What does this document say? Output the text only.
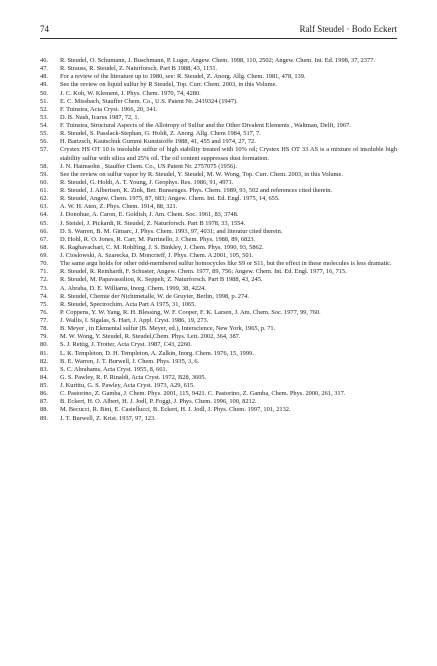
74	Ralf Steudel · Bodo Eckert
46.	R. Steudel, O. Schumann, J. Buschmann, P. Luger, Angew. Chem. 1998, 110, 2502; Angew. Chem. Int. Ed. 1998, 37, 2377.
47.	R. Strauss, R. Steudel, Z. Naturforsch. Part B 1988, 43, 1151.
48.	For a review of the literature up to 1980, see: R. Steudel, Z. Anorg. Allg. Chem. 1981, 478, 139.
49.	See the review on liquid sulfur by R Steudel, Top. Curr. Chem. 2003, in this Volume.
50.	J. C. Koh, W. Klement, J. Phys. Chem. 1970, 74, 4280.
51.	E. C. Missbach, Stauffer Chem. Co., U.S. Patent Nr. 2419324 (1947).
52.	F. Tuinstra, Acta Cryst. 1966, 20, 341.
53.	D. B. Nash, Icarus 1987, 72, 1.
54.	F. Tuinstra, Structural Aspects of the Allotropy of Sulfur and the Other Divalent Elements , Waltman, Delft, 1967.
55.	R. Steudel, S. Passlack-Stephan, G. Holdt, Z. Anorg. Allg. Chem 1984, 517, 7.
56.	H. Bartzsch, Kautschuk Gummi Kunststoffe 1988, 41, 455 and 1974, 27, 72.
57.	Crystex HS OT 10 is insoluble sulfur of high stability treated with 10% oil; Crystex HS OT 33 AS is a mixture of insoluble high stability sulfur with silica and 25% oil. The oil content suppresses dust formation.
58.	J. N. Haimsohn , Stauffer Chem. Co., US Patent Nr. 2757075 (1956).
59.	See the review on sulfur vapor by R. Steudel, Y. Steudel, M. W. Wong, Top. Curr. Chem. 2003, in this Volume.
60.	R. Steudel, G. Holdt, A. T. Young, J. Geophys. Res. 1986, 91, 4971.
61.	R. Steudel, J. Albertsen, K. Zink, Ber. Bunsenges. Phys. Chem. 1989, 93, 502 and references cited therein.
62.	R. Steudel, Angew. Chem. 1975, 87, 683; Angew. Chem. Int. Ed. Engl. 1975, 14, 655.
63.	A. W. H. Aten, Z. Phys. Chem. 1914, 88, 321.
64.	J. Donohue, A. Caron, E. Goldish, J. Am. Chem. Soc. 1961, 83, 3748.
65.	J. Steidel, J. Pickardt, R. Steudel, Z. Naturforsch. Part B 1978, 33, 1554.
66.	D. S. Warren, B. M. Gimarc, J. Phys. Chem. 1993, 97, 4031; and literatur cited therein.
67.	D. Hohl, R. O. Jones, R. Carr, M. Parrinello, J. Chem. Phys. 1988, 89, 6823.
68.	K. Raghavachari, C. M. Rohlfing, J. S. Binkley, J. Chem. Phys. 1990, 93, 5862.
69.	J. Cioslowski, A. Szarecka, D. Moncrieff, J. Phys. Chem. A 2001, 105, 501.
70.	The same argu holds for other odd-membered sulfur homocycles like S9 or S11, but the effect in these molecules is less dramatic.
71.	R. Steudel, R. Reinhardt, F. Schuster, Angew. Chem. 1977, 89, 756; Angew. Chem. Int. Ed. Engl. 1977, 16, 715.
72.	R. Steudel, M. Papavassiliou, K. Seppelt, Z. Naturforsch. Part B 1988, 43, 245.
73.	A. Abraha, D. E. Williams, Inorg. Chem. 1999, 38, 4224.
74.	R. Steudel, Chemie der Nichtmetalle, W. de Gruyter, Berlin, 1998, p. 274.
75.	R. Steudel, Spectrochim. Acta Part A 1975, 31, 1065.
76.	P. Coppens, Y. W. Yang, R. H. Blessing, W. F. Cooper, F. K. Larsen, J. Am. Chem. Soc. 1977, 99, 760.
77.	J. Wallis, I. Sigalas, S. Hart, J. Appl. Cryst. 1986, 19, 273.
78.	B. Meyer , in Elemental sulfur (B. Meyer, ed.), Interscience, New York, 1965, p. 71.
79.	M. W. Wong, Y. Steudel, R. Steudel,Chem. Phys. Lett. 2002, 364, 387.
80.	S. J. Rettig, J. Trotter, Acta Cryst. 1987, C43, 2260.
81.	L. K. Templeton, D. H. Templeton, A. Zalkin, Inorg. Chem. 1976, 15, 1999.
82.	B. E. Warren, J. T. Burwell, J. Chem. Phys. 1935, 3, 6.
83.	S. C. Abrahams, Acta Cryst. 1955, 8, 661.
84.	G. S. Pawley, R. P. Rinaldi, Acta Cryst. 1972, B28, 3605.
85.	J. Kurittu, G. S. Pawley, Acta Cryst. 1973, A29, 615.
86.	C. Pastorino, Z. Gamba, J. Chem. Phys. 2001, 115, 9421. C. Pastorino, Z. Gamba, Chem. Phys. 2000, 261, 317.
87.	B. Eckert, H. O. Albert, H. J. Jodl, P. Foggi, J. Phys. Chem. 1996, 100, 8212.
88.	M. Becucci, R. Bini, E. Castellucci, B. Eckert, H. J. Jodl, J. Phys. Chem. 1997, 101, 2132.
89.	J. T. Burwell, Z. Krist. 1937, 97, 123.
